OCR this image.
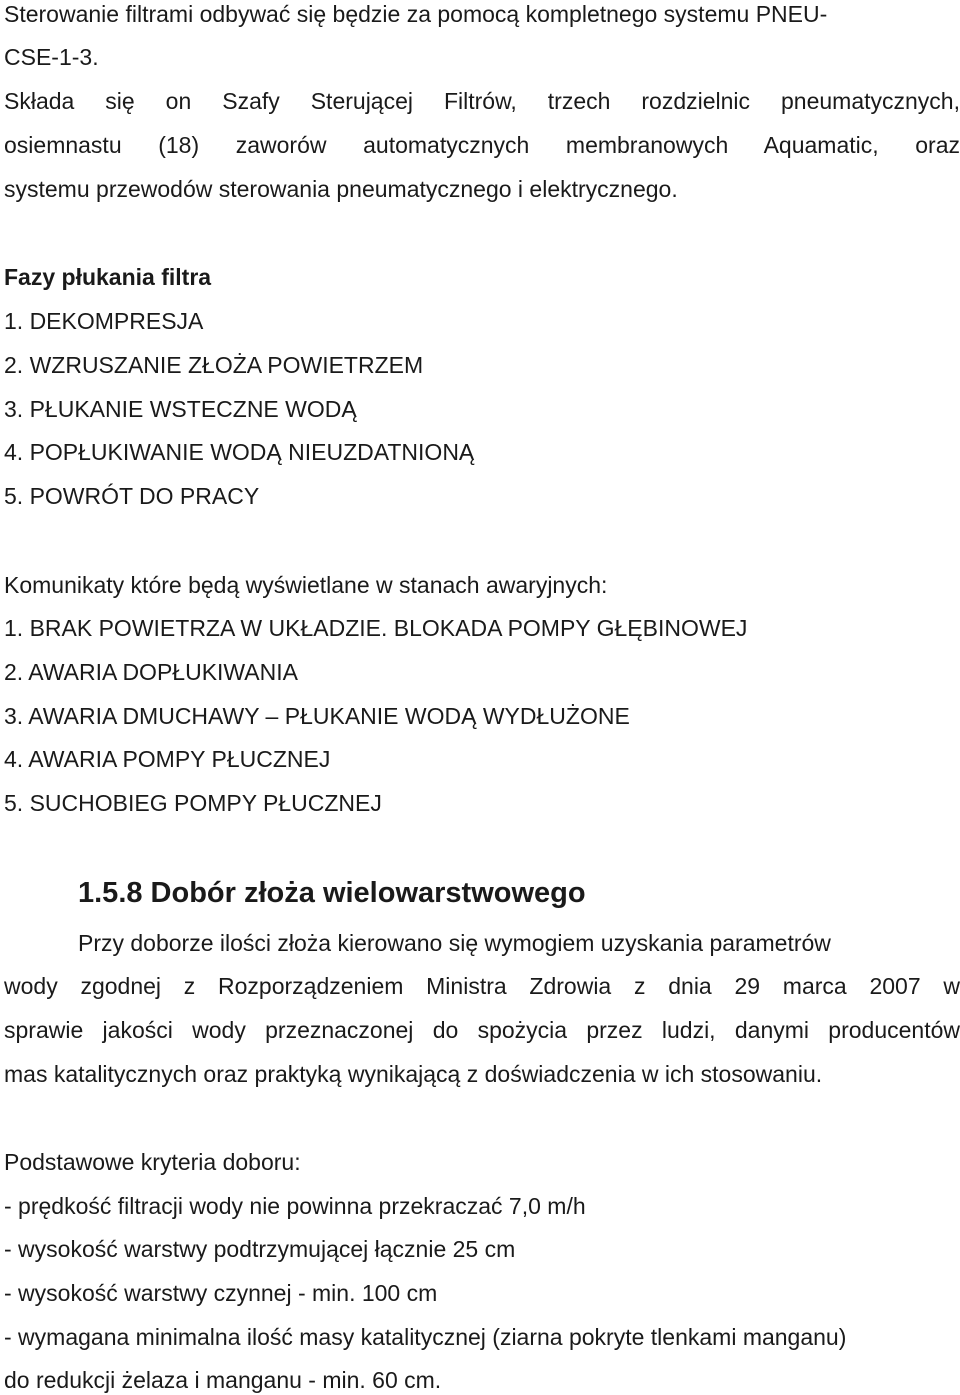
Sterowanie filtrami odbywać się będzie za pomocą kompletnego systemu PNEU-
CSE-1-3.
Składa się on Szafy Sterującej Filtrów, trzech rozdzielnic pneumatycznych,
osiemnastu (18) zaworów automatycznych membranowych Aquamatic, oraz
systemu przewodów sterowania pneumatycznego i elektrycznego.
Fazy płukania filtra
1. DEKOMPRESJA
2. WZRUSZANIE ZŁOŻA POWIETRZEM
3. PŁUKANIE WSTECZNE WODĄ
4. POPŁUKIWANIE WODĄ NIEUZDATNIONĄ
5. POWRÓT DO PRACY
Komunikaty które będą wyświetlane w stanach awaryjnych:
1. BRAK POWIETRZA W UKŁADZIE. BLOKADA POMPY GŁĘBINOWEJ
2. AWARIA DOPŁUKIWANIA
3. AWARIA DMUCHAWY – PŁUKANIE WODĄ WYDŁUŻONE
4. AWARIA POMPY PŁUCZNEJ
5. SUCHOBIEG POMPY PŁUCZNEJ
1.5.8 Dobór złoża wielowarstwowego
Przy doborze ilości złoża kierowano się wymogiem uzyskania parametrów
wody zgodnej z Rozporządzeniem Ministra Zdrowia z dnia 29 marca 2007 w
sprawie jakości wody przeznaczonej do spożycia przez ludzi, danymi producentów
mas katalitycznych oraz praktyką wynikającą z doświadczenia w ich stosowaniu.
Podstawowe kryteria doboru:
- prędkość filtracji wody nie powinna przekraczać 7,0 m/h
- wysokość warstwy podtrzymującej łącznie 25 cm
- wysokość warstwy czynnej - min. 100 cm
- wymagana minimalna ilość masy katalitycznej (ziarna pokryte tlenkami manganu)
do redukcji żelaza i manganu - min. 60 cm.
